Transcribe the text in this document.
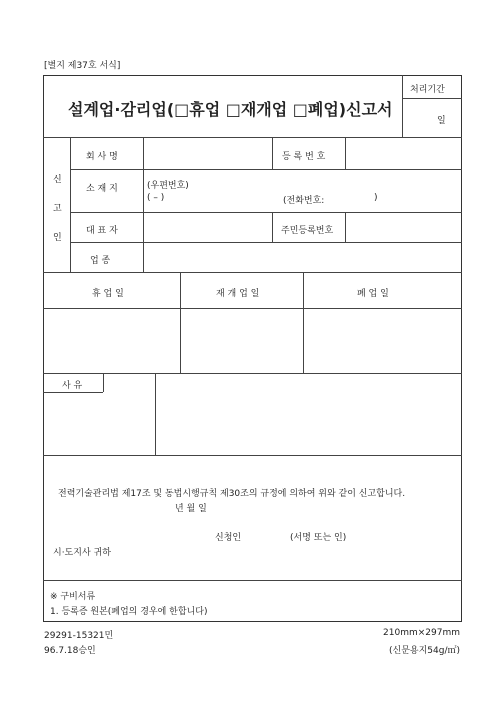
[별지 제37호 서식]
설계업·감리업(□휴업 □재개업 □폐업)신고서
처리기간
일
신
고
인
회 사 명	등 록 번 호
소 재 지	(우편번호)
( – )	(전화번호:	)
대 표 자	주민등록번호
업 종
휴 업 일	재 개 업 일	폐 업 일
사 유
전력기술관리법 제17조 및 동법시행규칙 제30조의 규정에 의하여 위와 같이 신고합니다.
년 월 일
신청인	(서명 또는 인)
시·도지사 귀하
※ 구비서류
1. 등록증 원본(폐업의 경우에 한합니다)
29291-15321민
96.7.18승인
210mm×297mm
(신문용지54g/㎡)
